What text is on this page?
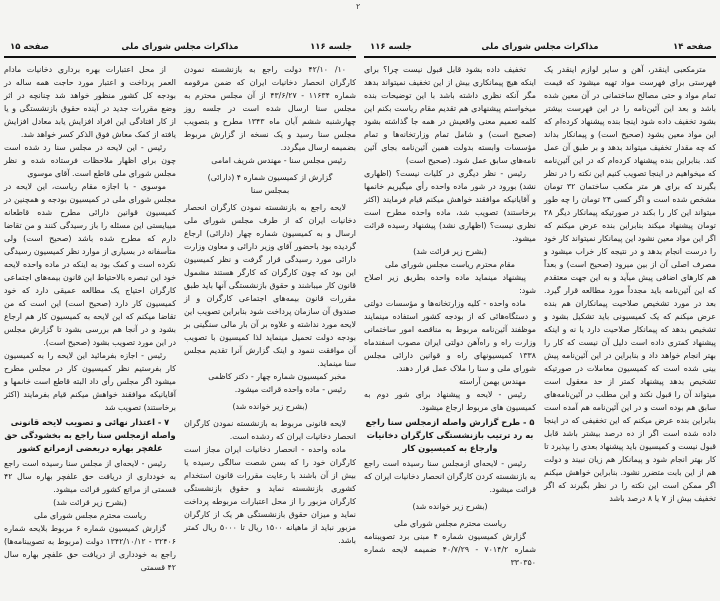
۲
جلسه ۱۱۶
مذاکرات مجلس شورای ملی
صفحه ۱۵

۱۰/ ۴۲/۱۰ دولت راجع به بازنشسته نمودن کارگران انحصار دخانیات ایران که ضمن مرقومه شماره ۱۱۶۳۴ - ۴۳/۶/۲۷ از آن مجلس محترم به مجلس سنا ارسال شده است در جلسه روز چهارشنبه ششم آبان ماه ۱۳۴۳ مطرح و بتصویب مجلس سنا رسید و یک نسخه از گزارش مربوط بضمیمه ارسال میگردد.

رئیس مجلس سنا - مهندس شریف امامی

گزارش از کمیسیون شماره ۴ (دارائی)

بمجلس سنا

لایحه راجع به بازنشسته نمودن کارگران انحصار دخانیات ایران که از طرف مجلس شورای ملی ارسال و به کمیسیون شماره چهار (دارائی) ارجاع گردیده بود باحضور آقای وزیر دارائی و معاون وزارت دارائی مورد رسیدگی قرار گرفت و نظر کمیسیون این بود که چون کارگران که کارگر هستند مشمول قانون کار میباشند و حقوق بازنشستگی آنها باید طبق مقررات قانون بیمه‌های اجتماعی کارگران و از صندوق آن سازمان پرداخت شود بنابراین تصویب این لایحه مورد نداشته و علاوه بر آن بار مالی سنگینی بر بودجه دولت تحمیل مینماید لذا کمیسیون با تصویب آن موافقت ننمود و اینک گزارش آنرا تقدیم مجلس سنا مینماید.

مخبر کمیسیون شماره چهار - دکتر کاظمی

رئیس - ماده واحده قرائت میشود.

(بشرح زیر خوانده شد)

لایحه قانونی مربوط به بازنشسته نمودن کارگران انحصار دخانیات ایران که ردشده است.

ماده واحده - انحصار دخانیات ایران مجاز است کارگران خود را که بسن شصت سالگی رسیده یا بیش از آن باشند با رعایت مقررات قانون استخدام کشوری بازنشسته نماید و حقوق بازنشستگی کارگران مزبور را از محل اعتبارات مربوطه پرداخت نماید و میزان حقوق بازنشستگی هر یک از کارگران مزبور نباید از ماهیانه ۱۵۰۰ ریال تا ۵۰۰۰ ریال کمتر باشد.

از محل اعتبارات بهره برداری دخانیات مادام العمر پرداخت و اعتبار مورد حاجت همه ساله در بودجه کل کشور منظور خواهد شد چنانچه در اثر وضع مقررات جدید در آینده حقوق بازنشستگی و یا از کار افتادگی این افراد افزایش یابد معادل افزایش یافته از کمک معاش فوق الذکر کسر خواهد شد.

رئیس - این لایحه در مجلس سنا رد شده است چون برای اظهار ملاحظات فرستاده شده و نظر مجلس شورای ملی قاطع است. آقای موسوی

موسوی - با اجازه مقام ریاست، این لایحه در مجلس شورای ملی در کمیسیون بودجه و همچنین در کمیسیون قوانین دارائی مطرح شده قاطعانه میبایستی این مسئله را باز رسیدگی کنند و من تقاضا دارم که مطرح شده باشد (صحیح است) ولی متأسفانه در بسیاری از موارد نظر کمیسیون رسیدگی نکرده است و کمک بود به اینکه در ماده واحده لایحه خود این تبصره بالاحتیاط این قانون بیمه‌های اجتماعی کارگران احتیاج یک مطالعه عمیقی دارد که خود کمیسیون کار دارد (صحیح است) این است که من تقاضا میکنم که این لایحه به کمیسیون کار هم ارجاع بشود و در آنجا هم بررسی بشود تا گزارش مجلس در این مورد تصویب بشود (صحیح است).

رئیس - اجازه بفرمائید این لایحه را به کمیسیون کار بفرستیم نظر کمیسیون کار در مجلس مطرح میشود اگر مجلس رأی داد البته قاطع است خانمها و آقایانیکه موافقند خواهش میکنم قیام بفرمایند (اکثر برخاستند) تصویب شد

۷ - اعتذار نهائی و تصویب لایحه قانونی واصله ازمجلس سنا راجع به بخشودگی حق علفچر بهاره دربعضی ازمراتع کشور

رئیس - لایحه‌ای از مجلس سنا رسیده است راجع به خودداری از دریافت حق علفچر بهاره سال ۴۲ قسمتی از مراتع کشور قرائت میشود.

(بشرح زیر قرائت شد)

ریاست محترم مجلس شورای ملی

گزارش کمیسیون شماره ۶ مربوط بلایحه شماره ۳۲۴۰۶ - ۱۳۴۲/۱۰/۱۲ دولت (مربوط به تصویبنامه‌ها) راجع به خودداری از دریافت حق علفچر بهاره سال ۴۲ قسمتی

صفحه ۱۴
مذاکرات مجلس شورای ملی
جلسه ۱۱۶

مترمکعبی اینقدر، آهن و سایر لوازم اینقدر یک فهرستی برای فهرست مواد تهیه میشود که قیمت تمام مواد و حتی مصالح ساختمانی در آن معین شده باشد و بعد این آئین‌نامه را در این فهرست بیشتر بشود تخفیف داده شود اینجا بنده پیشنهاد کرده‌ام که این مواد معین بشود (صحیح است) و پیمانکار بداند که چه مقدار تخفیف میتواند بدهد و بر طبق آن عمل کند. بنابراین بنده پیشنهاد کرده‌ام که در این آئین‌نامه که میخواهیم در اینجا تصویب کنیم این نکته را در نظر بگیرند که برای هر متر مکعب ساختمان ۳۲ تومان مشخص شده است و اگر کسی ۲۴ تومان را چه طور میتواند این کار را بکند در صورتیکه پیمانکار دیگر ۲۸ تومان پیشنهاد میکند بنابراین بنده عرض میکنم که اگر این مواد معین نشود این پیمانکار نمیتواند کار خود را درست انجام بدهد و در نتیجه کار خراب میشود و مصرف اصلی آن از بین میرود (صحیح است) و بعداً هم کارهای اضافی پیش میآید و به این جهت معتقدم که این آئین‌نامه باید مجدداً مورد مطالعه قرار گیرد. بعد در مورد تشخیص صلاحیت پیمانکاران هم بنده عرض میکنم که یک کمیسیونی باید تشکیل بشود و تشخیص بدهد که پیمانکار صلاحیت دارد یا نه و اینکه پیشنهاد کمتری داده است دلیل آن نیست که کار را بهتر انجام خواهد داد و بنابراین در این آئین‌نامه پیش بینی شده است که کمیسیون معاملات در صورتیکه تشخیص بدهد پیشنهاد کمتر از حد معقول است میتواند آن را قبول نکند و این مطلب در آئین‌نامه‌های سابق هم بوده است و در این آئین‌نامه هم آمده است بنابراین بنده عرض میکنم که این تخفیفی که در اینجا داده شده است اگر از ده درصد بیشتر باشد قابل قبول نیست و کمیسیون باید پیشنهاد بعدی را بپذیرد تا کار بهتر انجام شود و پیمانکار هم زیان نبیند و دولت هم از این بابت متضرر نشود. بنابراین خواهش میکنم اگر ممکن است این نکته را در نظر بگیرند که اگر تخفیف بیش از ۷ یا ۸ درصد باشد

تخفیف داده بشود قابل قبول نیست چرا؟ برای اینکه هیچ پیمانکاری بیش از این تخفیف نمیتواند بدهد مگر آنکه نظری داشته باشد با این توضیحات بنده میخواستم پیشنهادی هم تقدیم مقام ریاست بکنم این کلمه تعمیم معنی واقعیش در همه جا گذاشته بشود (صحیح است) و شامل تمام وزارتخانه‌ها و تمام مؤسسات وابسته بدولت همین آئین‌نامه بجای آئین نامه‌های سابق عمل شود. (صحیح است)

رئیس - نظر دیگری در کلیات نیست؟ (اظهاری نشد) بورود در شور ماده واحده رأی میگیریم خانمها و آقایانیکه موافقند خواهش میکنم قیام فرمایند (اکثر برخاستند) تصویب شد، ماده واحده مطرح است نظری نیست؟ (اظهاری نشد) پیشنهاد رسیده قرائت میشود.

(بشرح زیر قرائت شد)

مقام محترم ریاست مجلس شورای ملی

پیشنهاد مینماید ماده واحده بطریق زیر اصلاح شود:

ماده واحده - کلیه وزارتخانه‌ها و مؤسسات دولتی و دستگاه‌هائی که از بودجه کشور استفاده مینمایند موظفند آئین‌نامه مربوط به مناقصه امور ساختمانی وزارت راه و راه‌آهن دولتی ایران مصوب اسفندماه ۱۳۳۸ کمیسیونهای راه و قوانین دارائی مجلس شورای ملی و سنا را ملاک عمل قرار دهند.

مهندس بهمن آراسته

رئیس - لایحه و پیشنهاد برای شور دوم به کمیسیون های مربوط ارجاع میشود.

۵ - طرح گزارش واصله ازمجلس سنا راجع به رد ترتیب بازنشستگی کارگران دخانیات وارجاع به کمیسیون کار

رئیس - لایحه‌ای ازمجلس سنا رسیده است راجع به بازنشسته کردن کارگران انحصار دخانیات ایران که قرائت میشود.

(بشرح زیر خوانده شد)

ریاست محترم مجلس شورای ملی

گزارش کمیسیون شماره ۴ مبنی برد تصویبنامه شماره ۷۰۱۴/۲ - ۴۰/۷/۲۹ ضمیمه لایحه شماره ۳۳۰۳۵۰
